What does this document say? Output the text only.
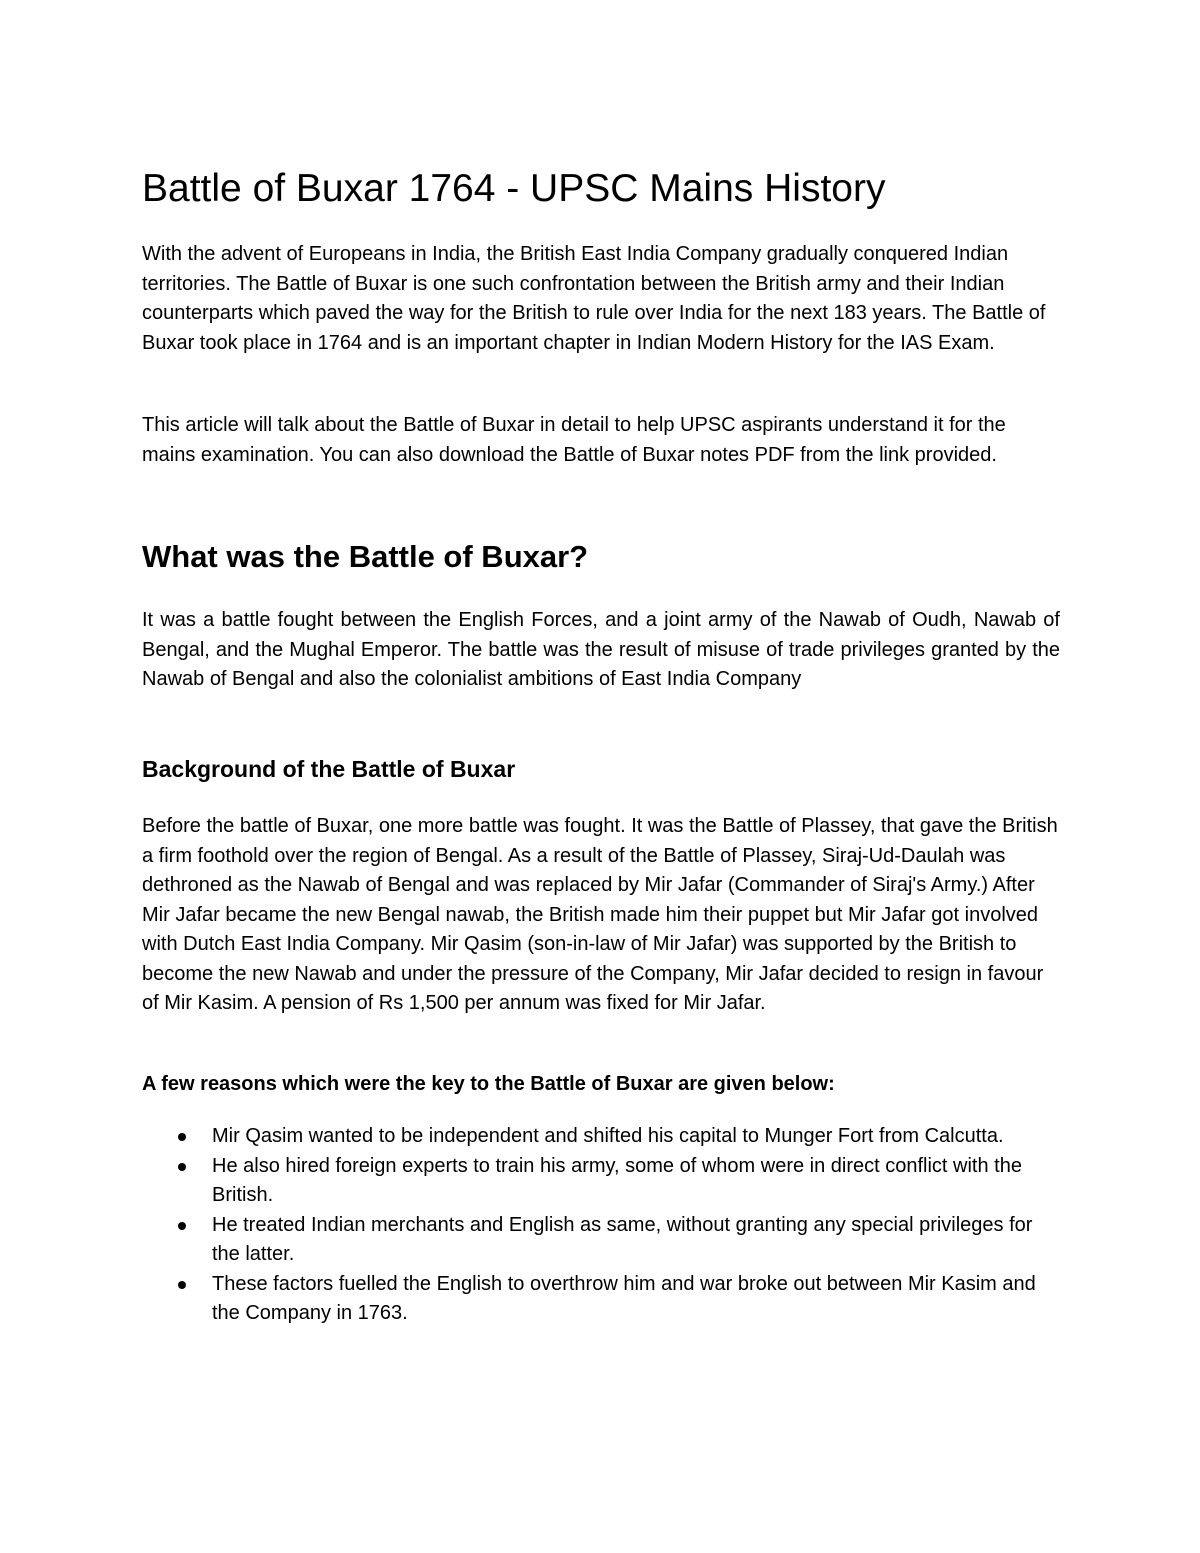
Battle of Buxar 1764 - UPSC Mains History

With the advent of Europeans in India, the British East India Company gradually conquered Indian territories. The Battle of Buxar is one such confrontation between the British army and their Indian counterparts which paved the way for the British to rule over India for the next 183 years. The Battle of Buxar took place in 1764 and is an important chapter in Indian Modern History for the IAS Exam.

This article will talk about the Battle of Buxar in detail to help UPSC aspirants understand it for the mains examination. You can also download the Battle of Buxar notes PDF from the link provided.

What was the Battle of Buxar?

It was a battle fought between the English Forces, and a joint army of the Nawab of Oudh, Nawab of Bengal, and the Mughal Emperor. The battle was the result of misuse of trade privileges granted by the Nawab of Bengal and also the colonialist ambitions of East India Company

Background of the Battle of Buxar

Before the battle of Buxar, one more battle was fought. It was the Battle of Plassey, that gave the British a firm foothold over the region of Bengal. As a result of the Battle of Plassey, Siraj-Ud-Daulah was dethroned as the Nawab of Bengal and was replaced by Mir Jafar (Commander of Siraj's Army.) After Mir Jafar became the new Bengal nawab, the British made him their puppet but Mir Jafar got involved with Dutch East India Company. Mir Qasim (son-in-law of Mir Jafar) was supported by the British to become the new Nawab and under the pressure of the Company, Mir Jafar decided to resign in favour of Mir Kasim. A pension of Rs 1,500 per annum was fixed for Mir Jafar.

A few reasons which were the key to the Battle of Buxar are given below:

Mir Qasim wanted to be independent and shifted his capital to Munger Fort from Calcutta.
He also hired foreign experts to train his army, some of whom were in direct conflict with the British.
He treated Indian merchants and English as same, without granting any special privileges for the latter.
These factors fuelled the English to overthrow him and war broke out between Mir Kasim and the Company in 1763.
